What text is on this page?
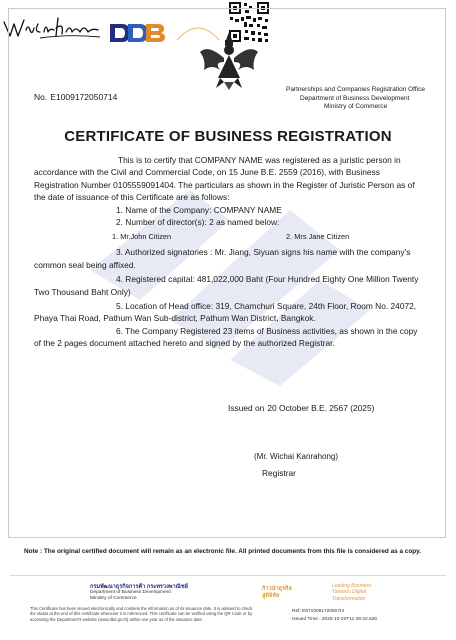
No. E1009172050714
Partnerships and Companies Registration Office
Department of Business Development
Ministry of Commerce
CERTIFICATE OF BUSINESS REGISTRATION

This is to certify that COMPANY NAME was registered as a juristic person in accordance with the Civil and Commercial Code, on 15 June B.E. 2559 (2016), with Business Registration Number 0105559091404. The particulars as shown in the Register of Juristic Person as of the date of issuance of this Certificate are as follows:

1. Name of the Company: COMPANY NAME

2. Number of director(s): 2 as named below:

1. Mr.John Citizen	2. Mrs Jane Citizen

3. Authorized signatories : Mr. Jiang, Siyuan signs his name with the company's common seal being affixed.

4. Registered capital: 481,022,000 Baht (Four Hundred Eighty One Million Twenty Two Thousand Baht Only)

5. Location of Head office: 319, Chamchuri Square, 24th Floor, Room No. 24072, Phaya Thai Road, Pathum Wan Sub-district, Pathum Wan District, Bangkok.

6. The Company Registered 23 items of Business activities, as shown in the copy of the 2 pages document attached hereto and signed by the authorized Registrar.

Issued on 20 October B.E. 2567 (2025)

(Mr. Wichai Kanrahong)
Registrar
Note : The original certified document will remain as an electronic file. All printed documents from this file is considered as a copy.

กรมพัฒนาธุรกิจการค้า กระทรวงพาณิชย์
Department of Business Development
Ministry of Commerce

ก้าวนำธุรกิจ
สู่ดิจิทัล
Leading Business
Towards Digital
Transformation
This Certificate has been issued electronically and contains the information as of its issuance date. It is advised to check the status at the end of this certificate whenever it is referenced. This certificate can be verified using the QR Code or by accessing the Department's website (www.dbd.go.th) within one year as of the issuance date.
Ref: E6710091720507I4
Issued Time : 2025-10-20T11:49:42.628
